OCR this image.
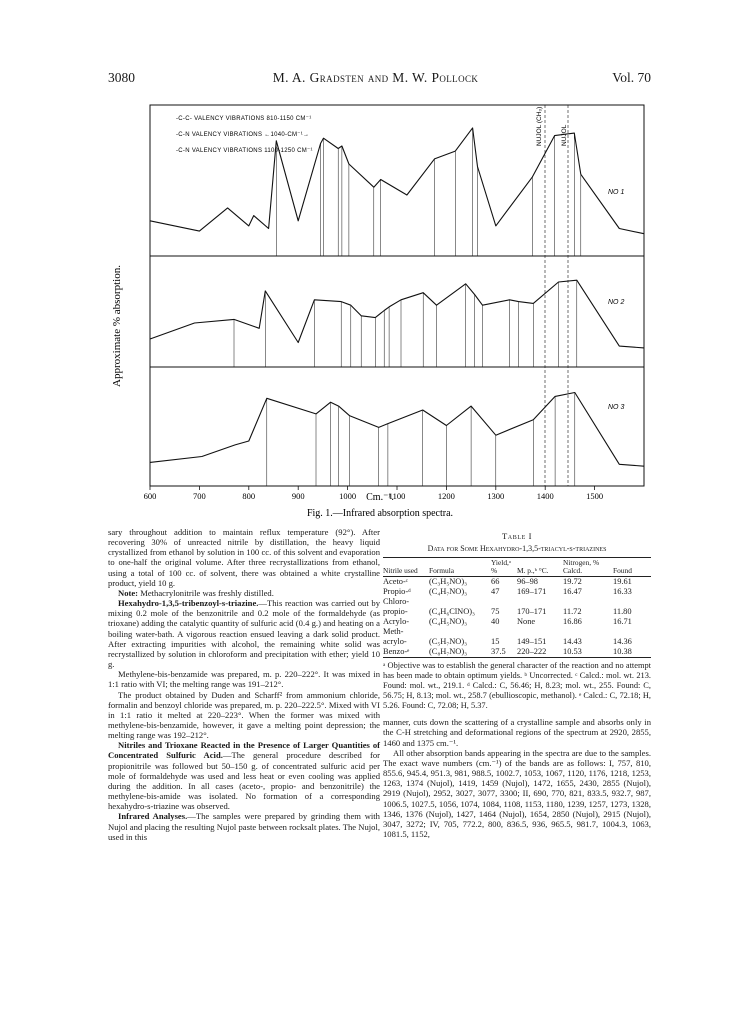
3080	M. A. Gradsten and M. W. Pollock	Vol. 70
NUJOL (CH₃)	NUJOL
-C-C- VALENCY VIBRATIONS 810-1150 CM⁻¹
-C-N VALENCY VIBRATIONS ←1040-CM⁻¹→
-C-N VALENCY VIBRATIONS 1100-1250 CM⁻¹
Approximate % absorption.
NO 1
NO 2
NO 3
600	700	800	900	1000	1100	1200	1300	1400	1500
Cm.⁻¹.
Fig. 1.—Infrared absorption spectra.

sary throughout addition to maintain reflux temperature (92°). After recovering 30% of unreacted nitrile by distillation, the heavy liquid crystallized from ethanol by solution in 100 cc. of this solvent and evaporation to one-half the original volume. After three recrystallizations from ethanol, using a total of 100 cc. of solvent, there was obtained a white crystalline product, yield 10 g.

Note: Methacrylonitrile was freshly distilled.

Hexahydro-1,3,5-tribenzoyl-s-triazine.—This reaction was carried out by mixing 0.2 mole of the benzonitrile and 0.2 mole of the formaldehyde (as trioxane) adding the catalytic quantity of sulfuric acid (0.4 g.) and heating on a boiling water-bath. A vigorous reaction ensued leaving a dark solid product. After extracting impurities with alcohol, the remaining white solid was recrystallized by solution in chloroform and precipitation with ether; yield 10 g.

Methylene-bis-benzamide was prepared, m. p. 220–222°. It was mixed in 1:1 ratio with VI; the melting range was 191–212°.

The product obtained by Duden and Scharff² from ammonium chloride, formalin and benzoyl chloride was prepared, m. p. 220–222.5°. Mixed with VI in 1:1 ratio it melted at 220–223°. When the former was mixed with methylene-bis-benzamide, however, it gave a melting point depression; the melting range was 192–212°.

Nitriles and Trioxane Reacted in the Presence of Larger Quantities of Concentrated Sulfuric Acid.—The general procedure described for propionitrile was followed but 50–150 g. of concentrated sulfuric acid per mole of formaldehyde was used and less heat or even cooling was applied during the addition. In all cases (aceto-, propio- and benzonitrile) the methylene-bis-amide was isolated. No formation of a corresponding hexahydro-s-triazine was observed.

Infrared Analyses.—The samples were prepared by grinding them with Nujol and placing the resulting Nujol paste between rocksalt plates. The Nujol, used in this

Table I
Data for Some Hexahydro-1,3,5-triacyl-s-triazines
Nitrile used	Formula	Yield,ᵃ %	M. p.,ᵇ °C.	Nitrogen, % Calcd.	Found
Aceto-ᶜ	(C₃H₅NO)₃	66	96–98	19.72	19.61
Propio-ᵈ	(C₄H₇NO)₃	47	169–171	16.47	16.33
Chloro-					
propio-	(C₄H₆ClNO)₃	75	170–171	11.72	11.80
Acrylo-	(C₄H₅NO)₃	40	None	16.86	16.71
Meth-					
acrylo-	(C₅H₇NO)₃	15	149–151	14.43	14.36
Benzo-ᵉ	(C₈H₇NO)₃	37.5	220–222	10.53	10.38
ᵃ Objective was to establish the general character of the reaction and no attempt has been made to obtain optimum yields. ᵇ Uncorrected. ᶜ Calcd.: mol. wt. 213. Found: mol. wt., 219.1. ᵈ Calcd.: C, 56.46; H, 8.23; mol. wt., 255. Found: C, 56.75; H, 8.13; mol. wt., 258.7 (ebullioscopic, methanol). ᵉ Calcd.: C, 72.18; H, 5.26. Found: C, 72.08; H, 5.37.

manner, cuts down the scattering of a crystalline sample and absorbs only in the C-H stretching and deformational regions of the spectrum at 2920, 2855, 1460 and 1375 cm.⁻¹.

All other absorption bands appearing in the spectra are due to the samples. The exact wave numbers (cm.⁻¹) of the bands are as follows: I, 757, 810, 855.6, 945.4, 951.3, 981, 988.5, 1002.7, 1053, 1067, 1120, 1176, 1218, 1253, 1263, 1374 (Nujol), 1419, 1459 (Nujol), 1472, 1655, 2430, 2855 (Nujol), 2919 (Nujol), 2952, 3027, 3077, 3300; II, 690, 770, 821, 833.5, 932.7, 987, 1006.5, 1027.5, 1056, 1074, 1084, 1108, 1153, 1180, 1239, 1257, 1273, 1328, 1346, 1376 (Nujol), 1427, 1464 (Nujol), 1654, 2850 (Nujol), 2915 (Nujol), 3047, 3272; IV, 705, 772.2, 800, 836.5, 936, 965.5, 981.7, 1004.3, 1063, 1081.5, 1152,
